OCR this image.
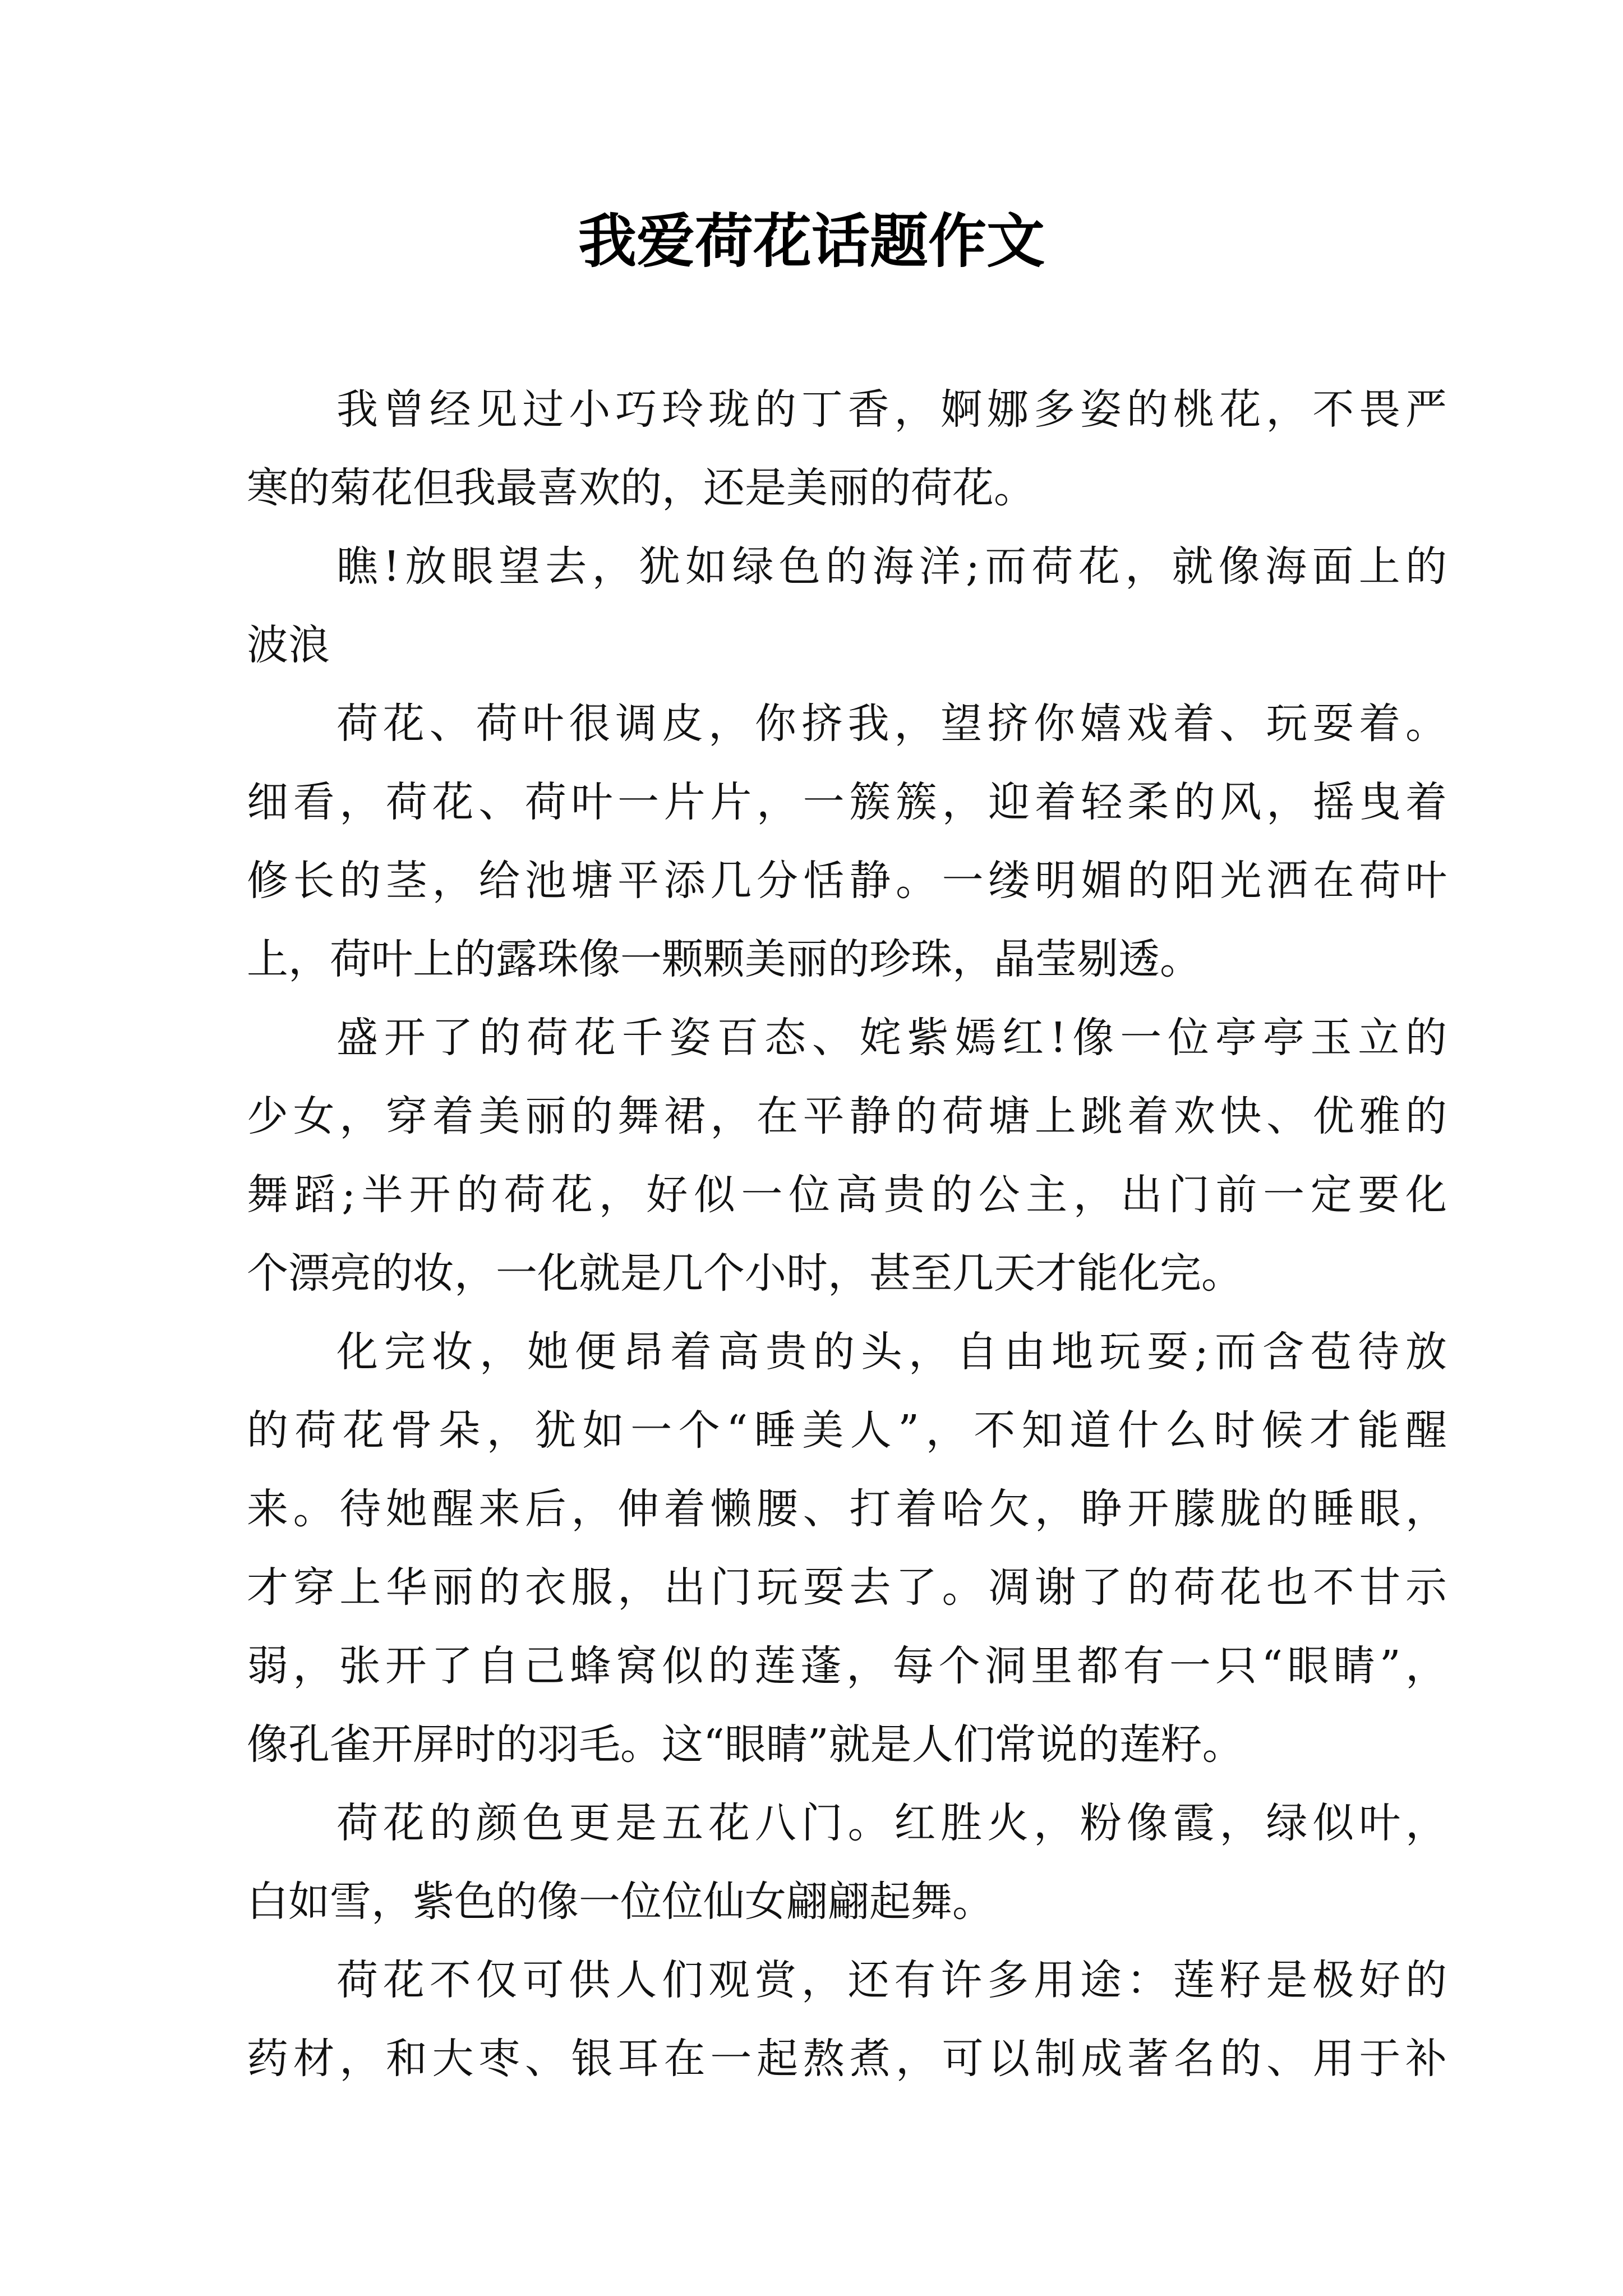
我爱荷花话题作文

我曾经见过小巧玲珑的丁香，婀娜多姿的桃花，不畏严

寒的菊花但我最喜欢的，还是美丽的荷花。

瞧!放眼望去，犹如绿色的海洋;而荷花，就像海面上的

波浪

荷花、荷叶很调皮，你挤我，望挤你嬉戏着、玩耍着。

细看，荷花、荷叶一片片，一簇簇，迎着轻柔的风，摇曳着

修长的茎，给池塘平添几分恬静。一缕明媚的阳光洒在荷叶

上，荷叶上的露珠像一颗颗美丽的珍珠，晶莹剔透。

盛开了的荷花千姿百态、姹紫嫣红!像一位亭亭玉立的

少女，穿着美丽的舞裙，在平静的荷塘上跳着欢快、优雅的

舞蹈;半开的荷花，好似一位高贵的公主，出门前一定要化

个漂亮的妆，一化就是几个小时，甚至几天才能化完。

化完妆，她便昂着高贵的头，自由地玩耍;而含苞待放

的荷花骨朵，犹如一个“睡美人”，不知道什么时候才能醒

来。待她醒来后，伸着懒腰、打着哈欠，睁开朦胧的睡眼，

才穿上华丽的衣服，出门玩耍去了。凋谢了的荷花也不甘示

弱，张开了自己蜂窝似的莲蓬，每个洞里都有一只“眼睛”，

像孔雀开屏时的羽毛。这“眼睛”就是人们常说的莲籽。

荷花的颜色更是五花八门。红胜火，粉像霞，绿似叶，

白如雪，紫色的像一位位仙女翩翩起舞。

荷花不仅可供人们观赏，还有许多用途：莲籽是极好的

药材，和大枣、银耳在一起熬煮，可以制成著名的、用于补
